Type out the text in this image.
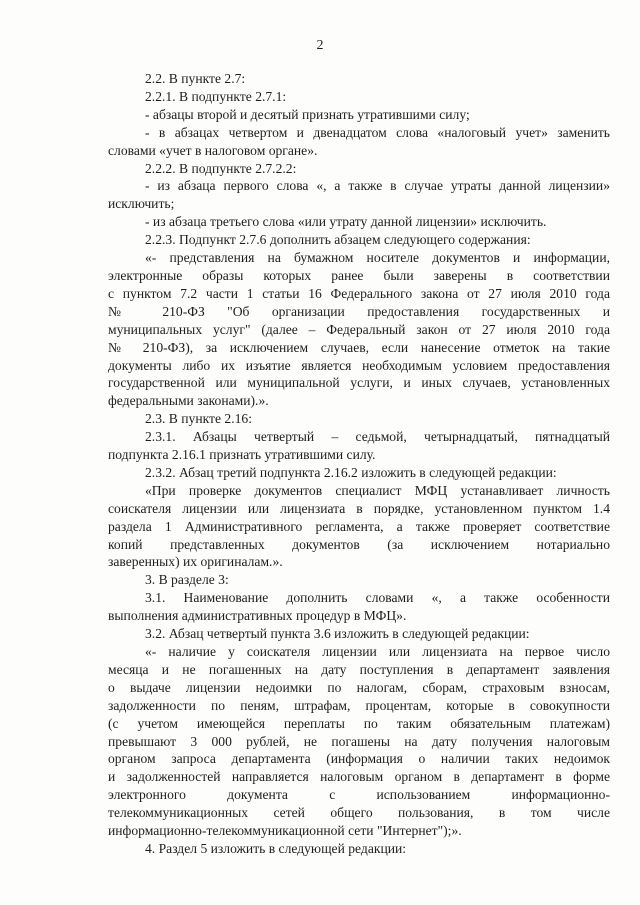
2

2.2. В пункте 2.7:

2.2.1. В подпункте 2.7.1:

- абзацы второй и десятый признать утратившими силу;

- в абзацах четвертом и двенадцатом слова «налоговый учет» заменить

словами «учет в налоговом органе».

2.2.2. В подпункте 2.7.2.2:

- из абзаца первого слова «, а также в случае утраты данной лицензии»

исключить;

- из абзаца третьего слова «или утрату данной лицензии» исключить.

2.2.3. Подпункт 2.7.6 дополнить абзацем следующего содержания:

«- представления на бумажном носителе документов и информации,

электронные образы которых ранее были заверены в соответствии

с пунктом 7.2 части 1 статьи 16 Федерального закона от 27 июля 2010 года

№ 210-ФЗ "Об организации предоставления государственных и

муниципальных услуг" (далее – Федеральный закон от 27 июля 2010 года

№ 210-ФЗ), за исключением случаев, если нанесение отметок на такие

документы либо их изъятие является необходимым условием предоставления

государственной или муниципальной услуги, и иных случаев, установленных

федеральными законами).».

2.3. В пункте 2.16:

2.3.1. Абзацы четвертый – седьмой, четырнадцатый, пятнадцатый

подпункта 2.16.1 признать утратившими силу.

2.3.2. Абзац третий подпункта 2.16.2 изложить в следующей редакции:

«При проверке документов специалист МФЦ устанавливает личность

соискателя лицензии или лицензиата в порядке, установленном пунктом 1.4

раздела 1 Административного регламента, а также проверяет соответствие

копий представленных документов (за исключением нотариально

заверенных) их оригиналам.».

3. В разделе 3:

3.1. Наименование дополнить словами «, а также особенности

выполнения административных процедур в МФЦ».

3.2. Абзац четвертый пункта 3.6 изложить в следующей редакции:

«- наличие у соискателя лицензии или лицензиата на первое число

месяца и не погашенных на дату поступления в департамент заявления

о выдаче лицензии недоимки по налогам, сборам, страховым взносам,

задолженности по пеням, штрафам, процентам, которые в совокупности

(с учетом имеющейся переплаты по таким обязательным платежам)

превышают 3 000 рублей, не погашены на дату получения налоговым

органом запроса департамента (информация о наличии таких недоимок

и задолженностей направляется налоговым органом в департамент в форме

электронного документа с использованием информационно-

телекоммуникационных сетей общего пользования, в том числе

информационно-телекоммуникационной сети "Интернет");».

4. Раздел 5 изложить в следующей редакции:
